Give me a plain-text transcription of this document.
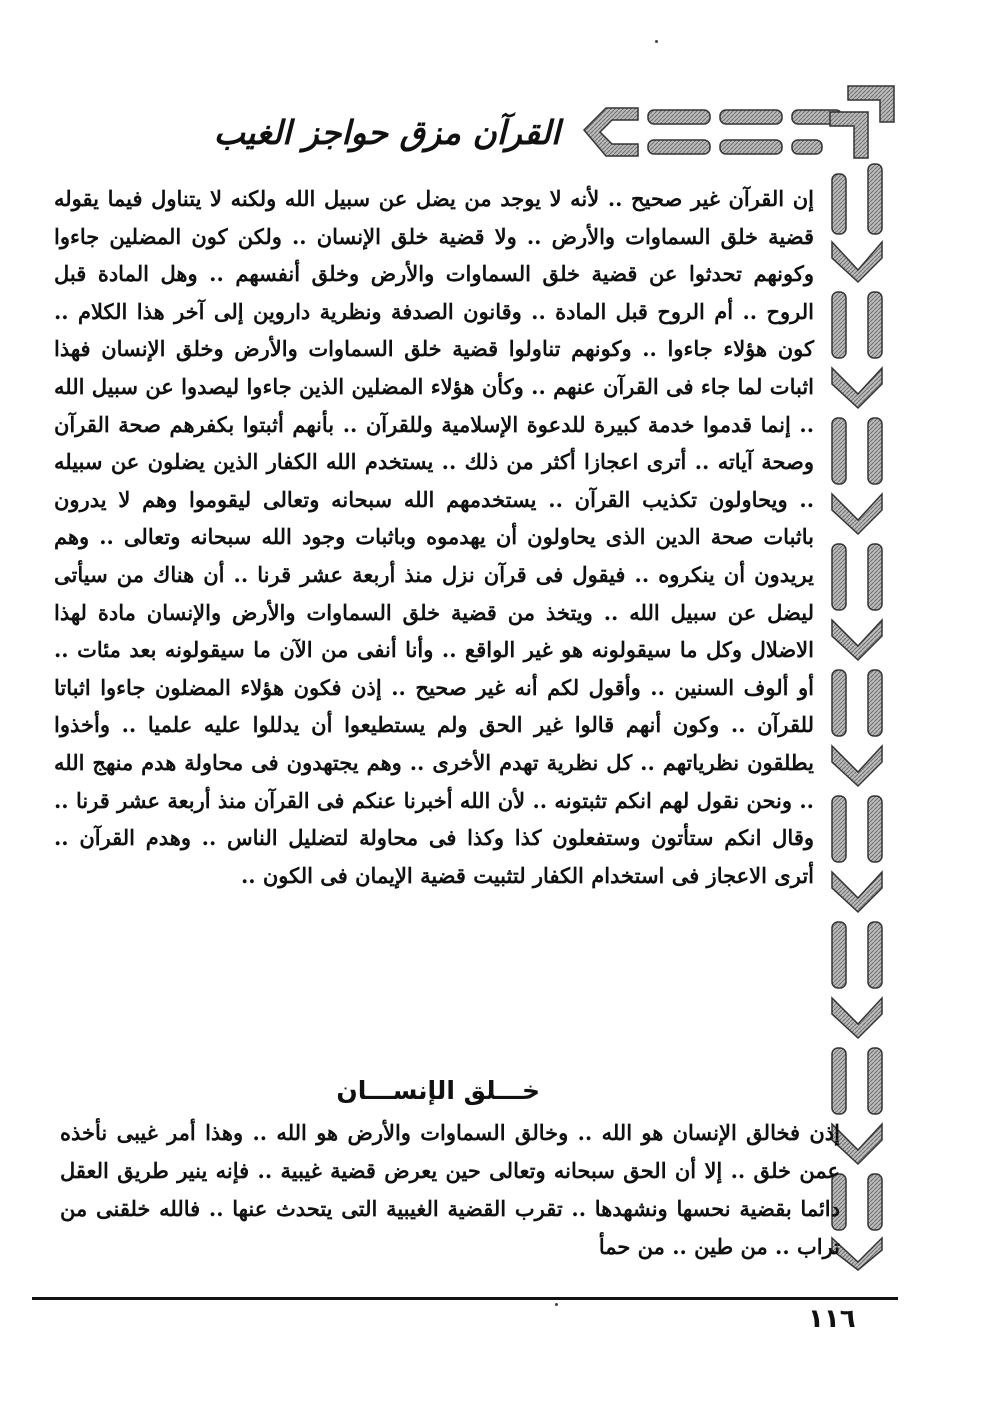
القرآن مزق حواجز الغيب

إن القرآن غير صحيح .. لأنه لا يوجد من يضل عن سبيل الله ولكنه لا يتناول فيما يقوله قضية خلق السماوات والأرض .. ولا قضية خلق الإنسان .. ولكن كون المضلين جاءوا وكونهم تحدثوا عن قضية خلق السماوات والأرض وخلق أنفسهم .. وهل المادة قبل الروح .. أم الروح قبل المادة .. وقانون الصدفة ونظرية داروين إلى آخر هذا الكلام .. كون هؤلاء جاءوا .. وكونهم تناولوا قضية خلق السماوات والأرض وخلق الإنسان فهذا اثبات لما جاء فى القرآن عنهم .. وكأن هؤلاء المضلين الذين جاءوا ليصدوا عن سبيل الله .. إنما قدموا خدمة كبيرة للدعوة الإسلامية وللقرآن .. بأنهم أثبتوا بكفرهم صحة القرآن وصحة آياته .. أترى اعجازا أكثر من ذلك .. يستخدم الله الكفار الذين يضلون عن سبيله .. ويحاولون تكذيب القرآن .. يستخدمهم الله سبحانه وتعالى ليقوموا وهم لا يدرون باثبات صحة الدين الذى يحاولون أن يهدموه وباثبات وجود الله سبحانه وتعالى .. وهم يريدون أن ينكروه .. فيقول فى قرآن نزل منذ أربعة عشر قرنا .. أن هناك من سيأتى ليضل عن سبيل الله .. ويتخذ من قضية خلق السماوات والأرض والإنسان مادة لهذا الاضلال وكل ما سيقولونه هو غير الواقع .. وأنا أنفى من الآن ما سيقولونه بعد مئات .. أو ألوف السنين .. وأقول لكم أنه غير صحيح .. إذن فكون هؤلاء المضلون جاءوا اثباتا للقرآن .. وكون أنهم قالوا غير الحق ولم يستطيعوا أن يدللوا عليه علميا .. وأخذوا يطلقون نظرياتهم .. كل نظرية تهدم الأخرى .. وهم يجتهدون فى محاولة هدم منهج الله .. ونحن نقول لهم انكم تثبتونه .. لأن الله أخبرنا عنكم فى القرآن منذ أربعة عشر قرنا .. وقال انكم ستأتون وستفعلون كذا وكذا فى محاولة لتضليل الناس .. وهدم القرآن .. أترى الاعجاز فى استخدام الكفار لتثبيت قضية الإيمان فى الكون ..

خـــلق الإنســـان

إذن فخالق الإنسان هو الله .. وخالق السماوات والأرض هو الله .. وهذا أمر غيبى نأخذه عمن خلق .. إلا أن الحق سبحانه وتعالى حين يعرض قضية غيبية .. فإنه ينير طريق العقل دائما بقضية نحسها ونشهدها .. تقرب القضية الغيبية التى يتحدث عنها .. فالله خلقنى من تراب .. من طين .. من حمأ

١١٦
